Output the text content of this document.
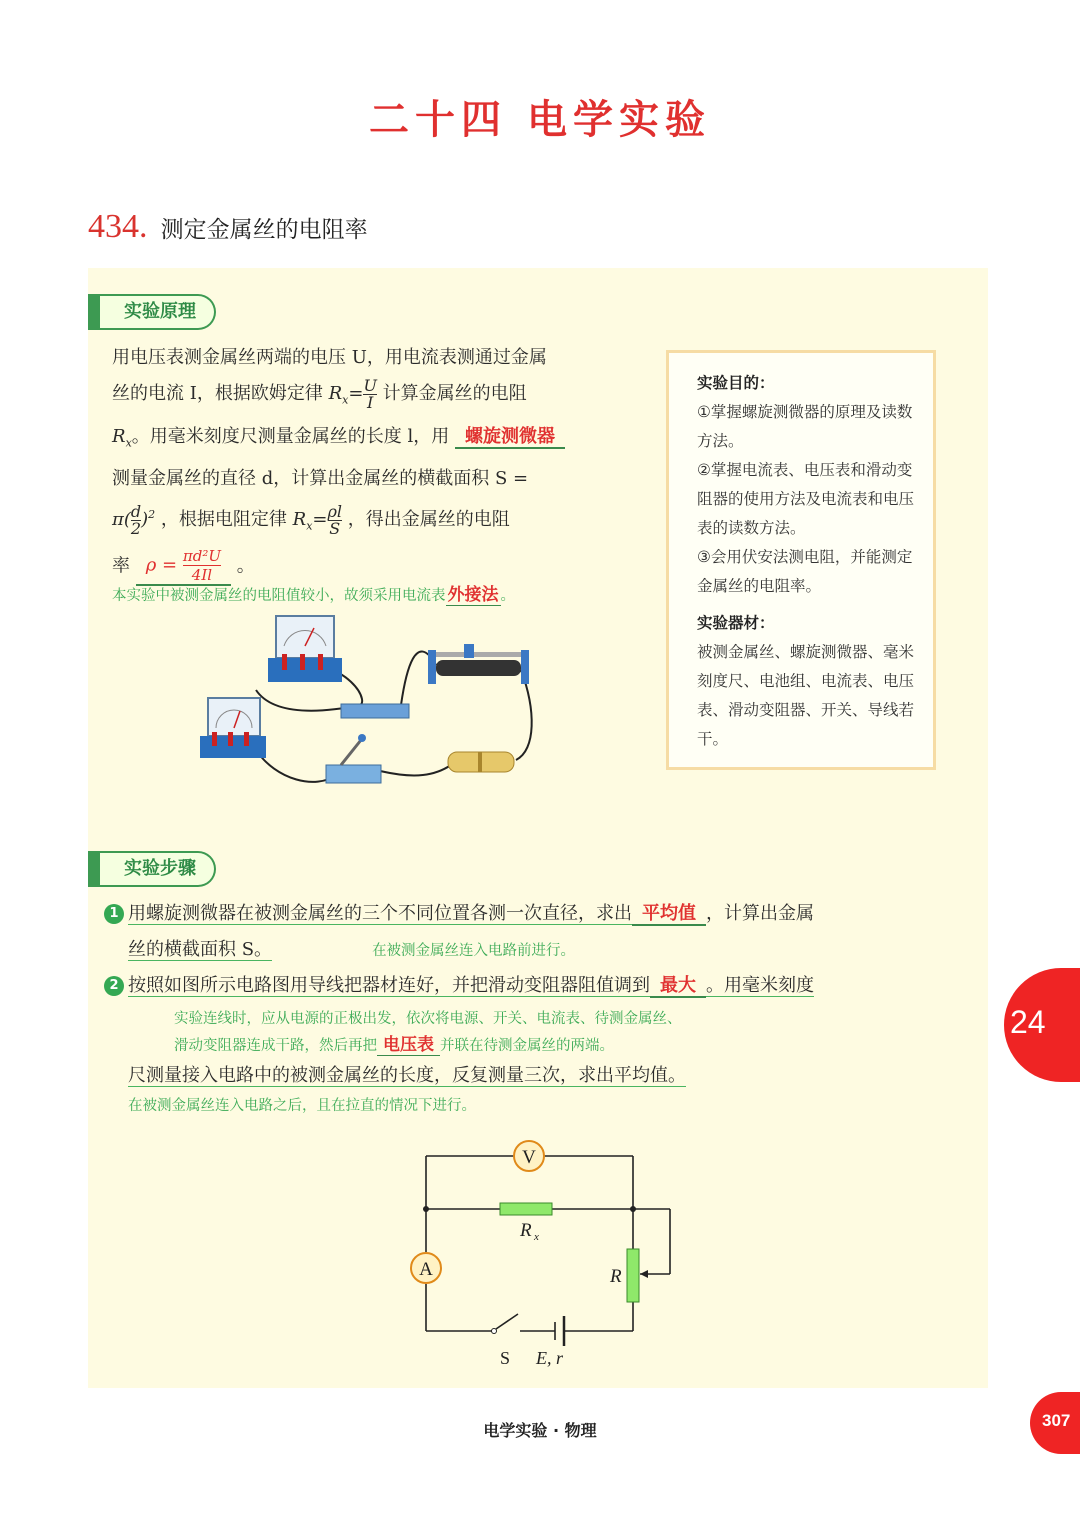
二十四 电学实验
434. 测定金属丝的电阻率
实验原理
用电压表测金属丝两端的电压 U，用电流表测通过金属
丝的电流 I，根据欧姆定律 $R_x= \frac{U}{I}$ 计算金属丝的电阻
$R_x$。用毫米刻度尺测量金属丝的长度 l，用 螺旋测微器
测量金属丝的直径 d，计算出金属丝的横截面积 S =
$\pi( \frac{d}{2} )^2$ ，根据电阻定律 $R_x= \frac{\rho l}{S}$ ，得出金属丝的电阻
率 $\rho = \frac{\text{πd²U}}{4Il}$ 。
本实验中被测金属丝的电阻值较小，故须采用电流表 外接法 。
实验目的：
①掌握螺旋测微器的原理及读数方法。
②掌握电流表、电压表和滑动变阻器的使用方法及电流表和电压表的读数方法。
③会用伏安法测电阻，并能测定金属丝的电阻率。
实验器材：
被测金属丝、螺旋测微器、毫米刻度尺、电池组、电流表、电压表、滑动变阻器、开关、导线若干。
实验步骤
1 用螺旋测微器在被测金属丝的三个不同位置各测一次直径，求出 平均值 ，计算出金属
丝的横截面积 S。	在被测金属丝连入电路前进行。
2 按照如图所示电路图用导线把器材连好，并把滑动变阻器阻值调到 最大 。用毫米刻度
实验连线时，应从电源的正极出发，依次将电源、开关、电流表、待测金属丝、
滑动变阻器连成干路，然后再把 电压表 并联在待测金属丝的两端。
尺测量接入电路中的被测金属丝的长度，反复测量三次，求出平均值。
在被测金属丝连入电路之后，且在拉直的情况下进行。
V
A
R x
R
S E, r
24
电学实验 · 物理
307
